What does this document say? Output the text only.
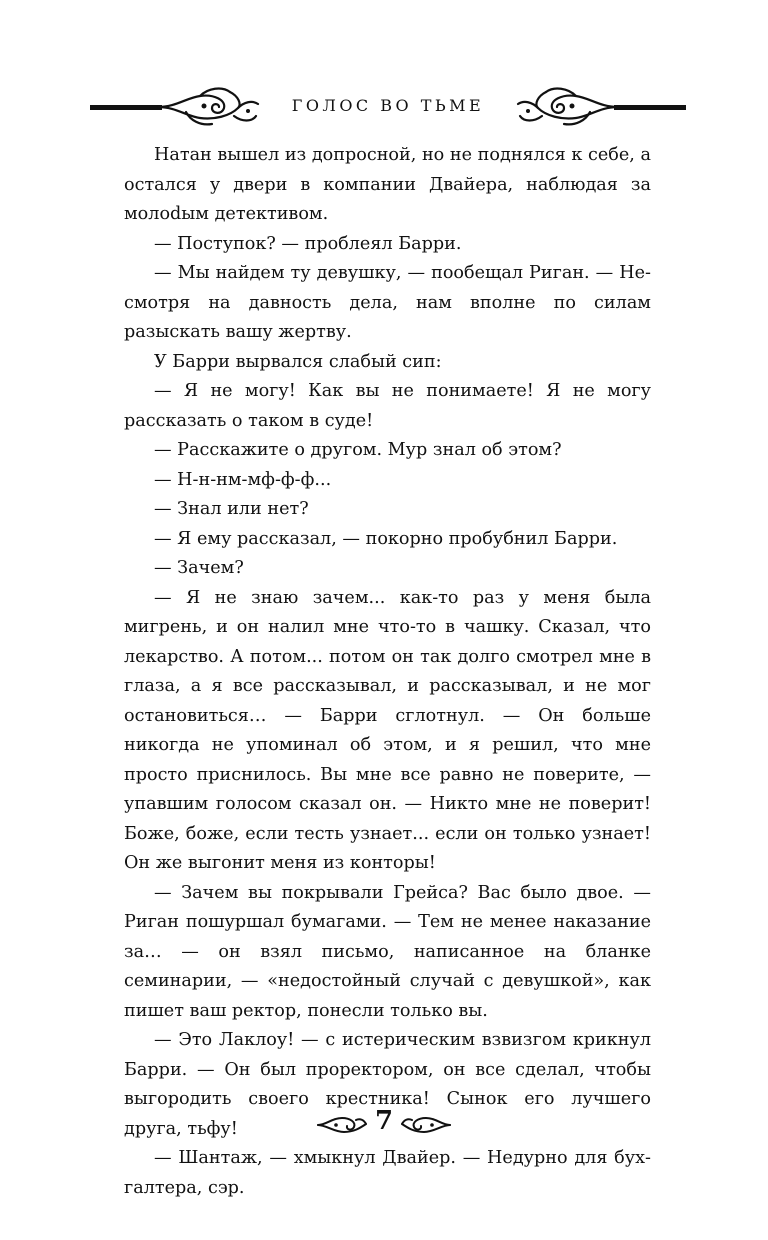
ГОЛОС ВО ТЬМЕ

Натан вышел из допросной, но не поднялся к себе, а остался у двери в компании Двайера, наблюдая за молоdым детективом.

— Поступок? — проблеял Барри.

— Мы найдем ту девушку, — пообещал Риган. — Несмотря на давность дела, нам вполне по силам разыскать вашу жертву.

У Барри вырвался слабый сип:

— Я не могу! Как вы не понимаете! Я не могу рассказать о таком в суде!

— Расскажите о другом. Мур знал об этом?

— Н-н-нм-мф-ф-ф...

— Знал или нет?

— Я ему рассказал, — покорно пробубнил Барри.

— Зачем?

— Я не знаю зачем... как-то раз у меня была мигрень, и он налил мне что-то в чашку. Сказал, что лекарство. А потом... потом он так долго смотрел мне в глаза, а я все рассказывал, и рассказывал, и не мог остановиться… — Барри сглотнул. — Он больше никогда не упоминал об этом, и я решил, что мне просто приснилось. Вы мне все равно не поверите, — упавшим голосом сказал он. — Никто мне не поверит! Боже, боже, если тесть узнает... если он только узнает! Он же выгонит меня из конторы!

— Зачем вы покрывали Грейса? Вас было двое. — Риган пошуршал бумагами. — Тем не менее наказание за… — он взял письмо, написанное на бланке семинарии, — «недостойный случай с девушкой», как пишет ваш ректор, понесли только вы.

— Это Лаклоу! — с истерическим взвизгом крикнул Барри. — Он был проректором, он все сделал, чтобы выгородить своего крестника! Сынок его лучшего друга, тьфу!

— Шантаж, — хмыкнул Двайер. — Недурно для бухгалтера, сэр.

7
